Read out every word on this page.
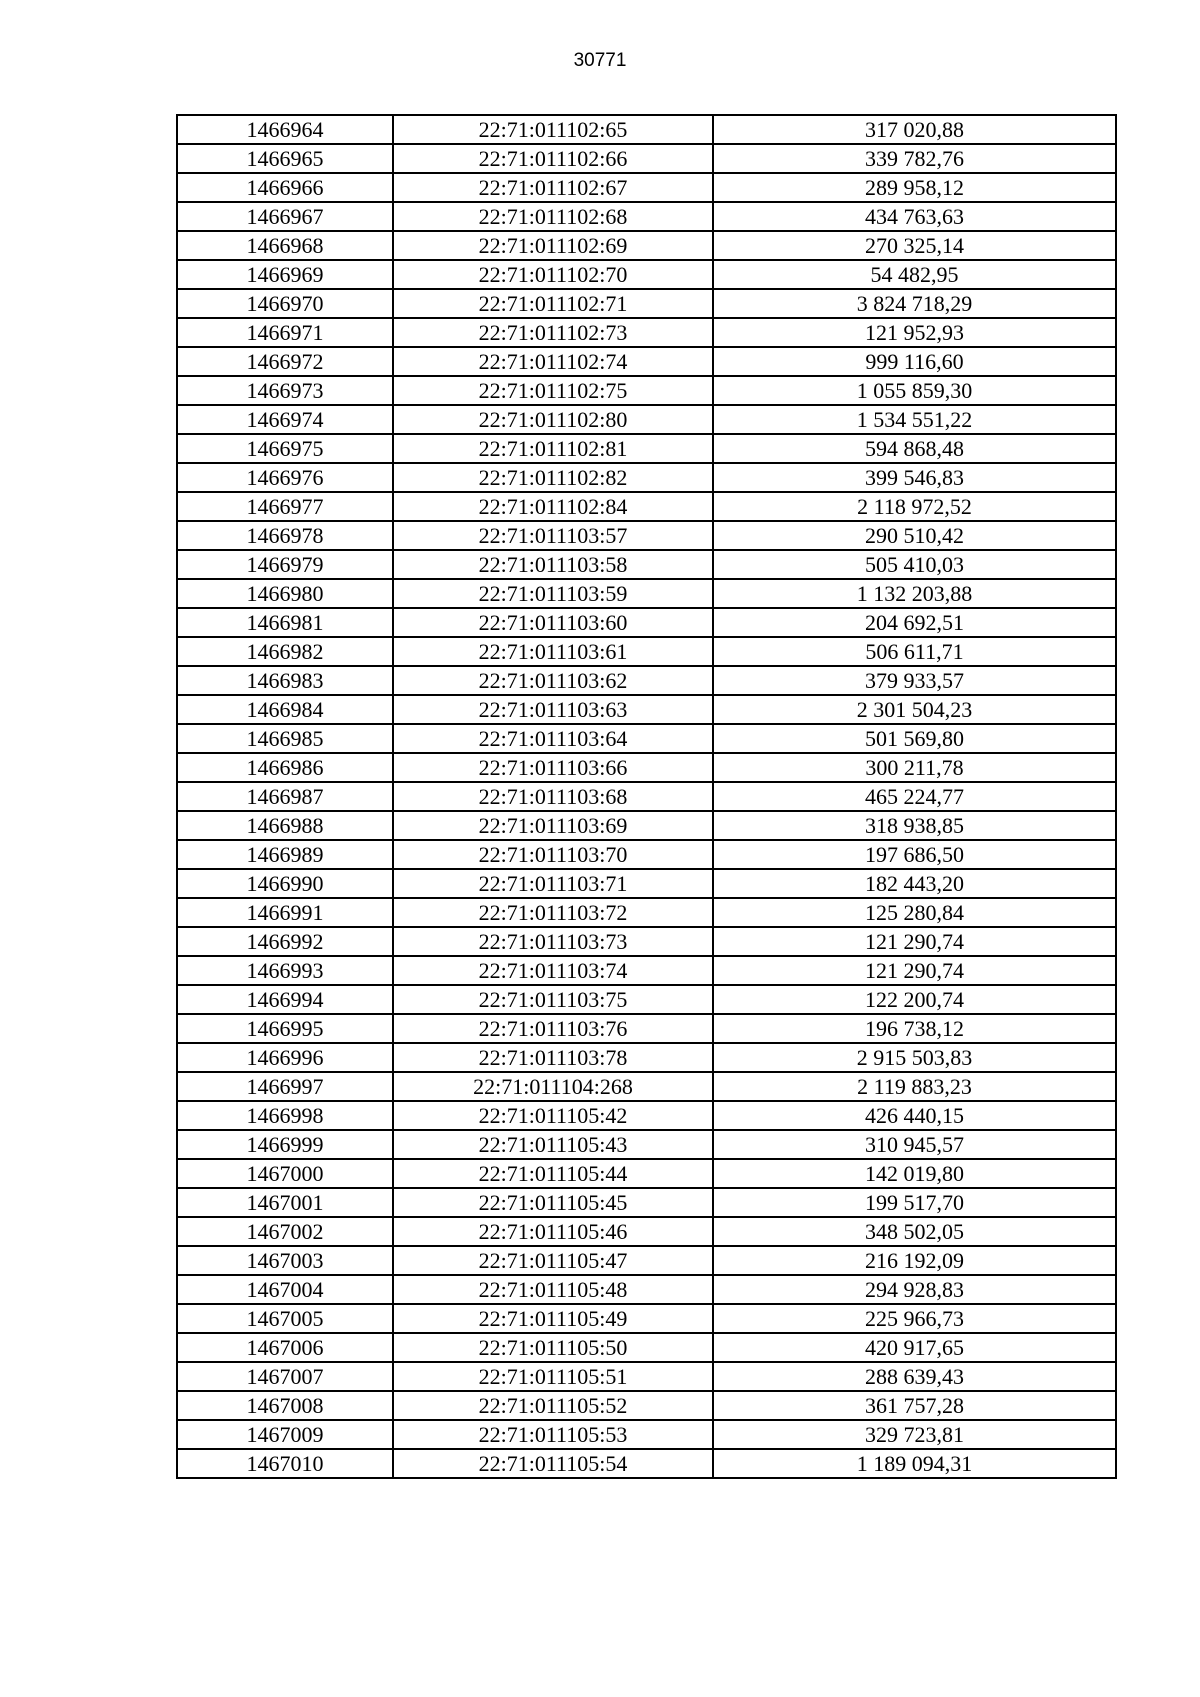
30771
1466964	22:71:011102:65	317 020,88
1466965	22:71:011102:66	339 782,76
1466966	22:71:011102:67	289 958,12
1466967	22:71:011102:68	434 763,63
1466968	22:71:011102:69	270 325,14
1466969	22:71:011102:70	54 482,95
1466970	22:71:011102:71	3 824 718,29
1466971	22:71:011102:73	121 952,93
1466972	22:71:011102:74	999 116,60
1466973	22:71:011102:75	1 055 859,30
1466974	22:71:011102:80	1 534 551,22
1466975	22:71:011102:81	594 868,48
1466976	22:71:011102:82	399 546,83
1466977	22:71:011102:84	2 118 972,52
1466978	22:71:011103:57	290 510,42
1466979	22:71:011103:58	505 410,03
1466980	22:71:011103:59	1 132 203,88
1466981	22:71:011103:60	204 692,51
1466982	22:71:011103:61	506 611,71
1466983	22:71:011103:62	379 933,57
1466984	22:71:011103:63	2 301 504,23
1466985	22:71:011103:64	501 569,80
1466986	22:71:011103:66	300 211,78
1466987	22:71:011103:68	465 224,77
1466988	22:71:011103:69	318 938,85
1466989	22:71:011103:70	197 686,50
1466990	22:71:011103:71	182 443,20
1466991	22:71:011103:72	125 280,84
1466992	22:71:011103:73	121 290,74
1466993	22:71:011103:74	121 290,74
1466994	22:71:011103:75	122 200,74
1466995	22:71:011103:76	196 738,12
1466996	22:71:011103:78	2 915 503,83
1466997	22:71:011104:268	2 119 883,23
1466998	22:71:011105:42	426 440,15
1466999	22:71:011105:43	310 945,57
1467000	22:71:011105:44	142 019,80
1467001	22:71:011105:45	199 517,70
1467002	22:71:011105:46	348 502,05
1467003	22:71:011105:47	216 192,09
1467004	22:71:011105:48	294 928,83
1467005	22:71:011105:49	225 966,73
1467006	22:71:011105:50	420 917,65
1467007	22:71:011105:51	288 639,43
1467008	22:71:011105:52	361 757,28
1467009	22:71:011105:53	329 723,81
1467010	22:71:011105:54	1 189 094,31
